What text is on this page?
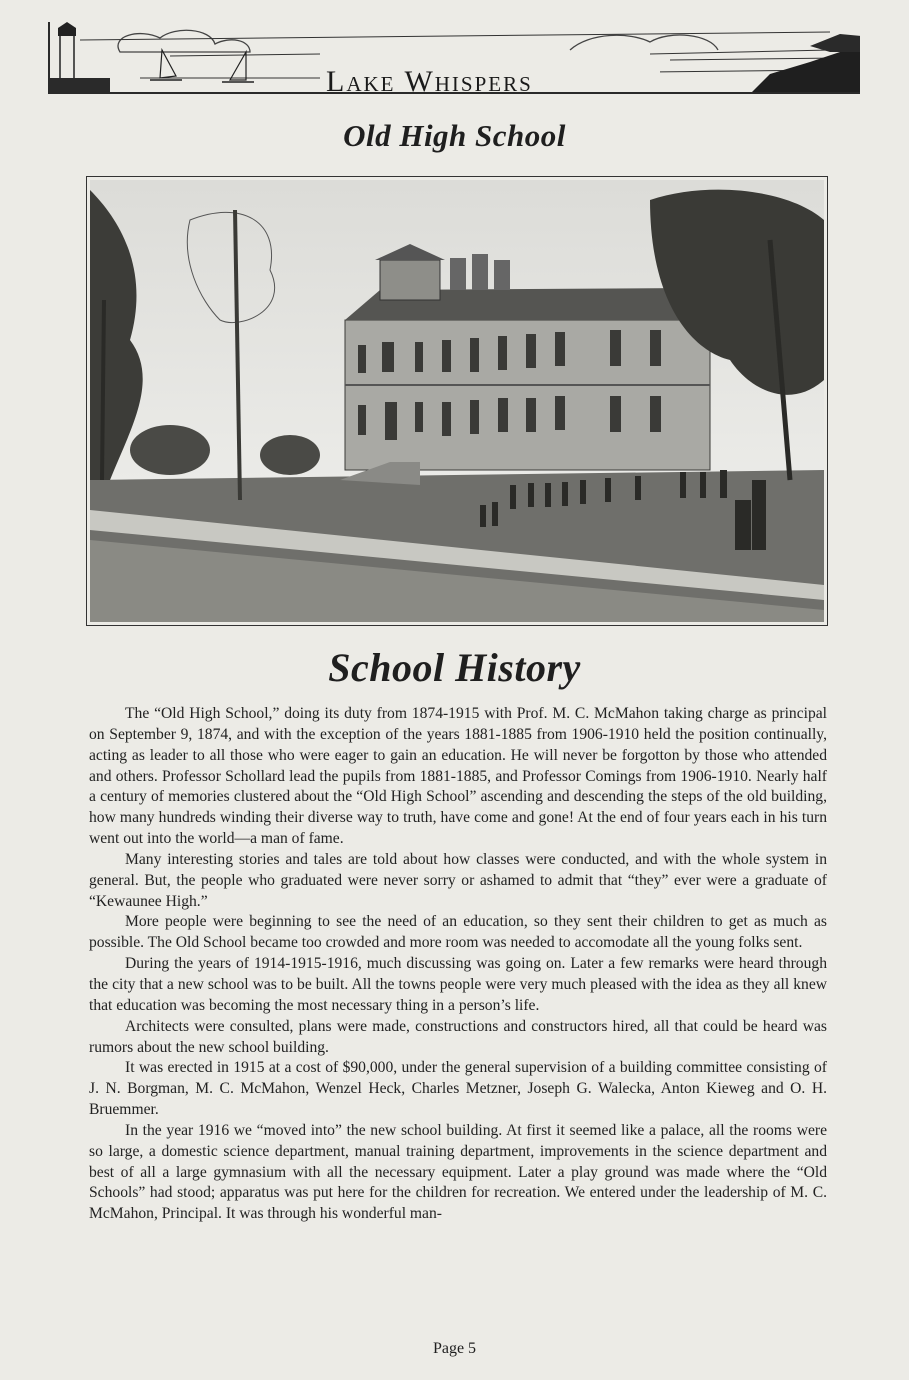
Lake Whispers
Old High School
School History

The “Old High School,” doing its duty from 1874-1915 with Prof. M. C. McMahon taking charge as principal on September 9, 1874, and with the exception of the years 1881-1885 from 1906-1910 held the position continually, acting as leader to all those who were eager to gain an education. He will never be forgotton by those who attended and others. Professor Schollard lead the pupils from 1881-1885, and Professor Comings from 1906-1910. Nearly half a century of memories clustered about the “Old High School” ascending and descending the steps of the old building, how many hundreds winding their diverse way to truth, have come and gone! At the end of four years each in his turn went out into the world—a man of fame.

Many interesting stories and tales are told about how classes were conducted, and with the whole system in general. But, the people who graduated were never sorry or ashamed to admit that “they” ever were a graduate of “Kewaunee High.”

More people were beginning to see the need of an education, so they sent their children to get as much as possible. The Old School became too crowded and more room was needed to accomodate all the young folks sent.

During the years of 1914-1915-1916, much discussing was going on. Later a few remarks were heard through the city that a new school was to be built. All the towns people were very much pleased with the idea as they all knew that education was becoming the most necessary thing in a person’s life.

Architects were consulted, plans were made, constructions and constructors hired, all that could be heard was rumors about the new school building.

It was erected in 1915 at a cost of $90,000, under the general supervision of a building committee consisting of J. N. Borgman, M. C. McMahon, Wenzel Heck, Charles Metzner, Joseph G. Walecka, Anton Kieweg and O. H. Bruemmer.

In the year 1916 we “moved into” the new school building. At first it seemed like a palace, all the rooms were so large, a domestic science department, manual training department, improvements in the science department and best of all a large gymnasium with all the necessary equipment. Later a play ground was made where the “Old Schools” had stood; apparatus was put here for the children for recreation. We entered under the leadership of M. C. McMahon, Principal. It was through his wonderful man-

Page 5
